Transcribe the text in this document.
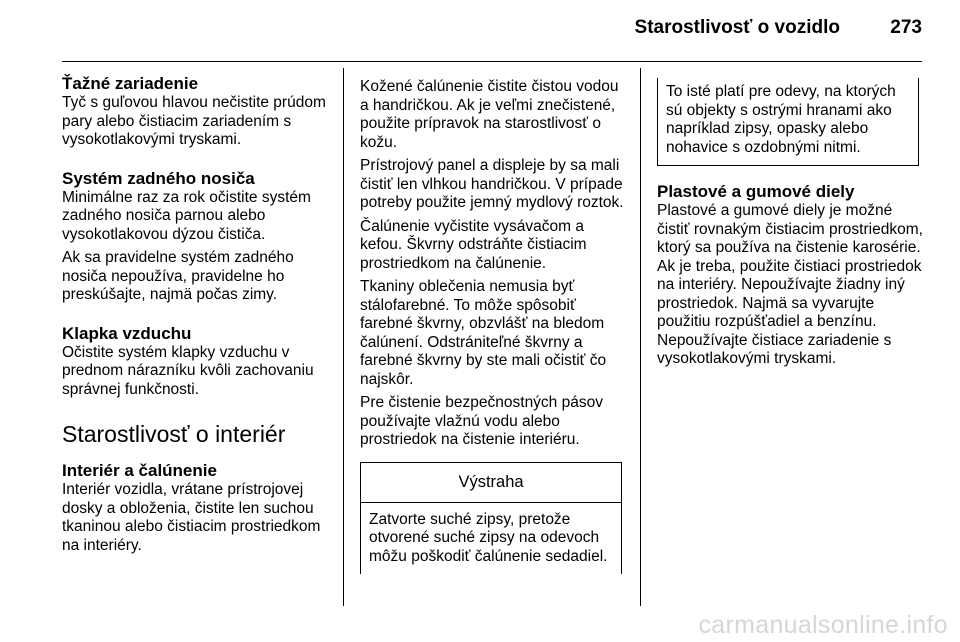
Starostlivosť o vozidlo	273
Ťažné zariadenie

Tyč s guľovou hlavou nečistite prúdom pary alebo čistiacim zariadením s vysokotlakovými tryskami.

Systém zadného nosiča

Minimálne raz za rok očistite systém zadného nosiča parnou alebo vysokotlakovou dýzou čističa.

Ak sa pravidelne systém zadného nosiča nepoužíva, pravidelne ho preskúšajte, najmä počas zimy.

Klapka vzduchu

Očistite systém klapky vzduchu v prednom nárazníku kvôli zachovaniu správnej funkčnosti.

Starostlivosť o interiér
Interiér a čalúnenie

Interiér vozidla, vrátane prístrojovej dosky a obloženia, čistite len suchou tkaninou alebo čistiacim prostriedkom na interiéry.

Kožené čalúnenie čistite čistou vodou a handričkou. Ak je veľmi znečistené, použite prípravok na starostlivosť o kožu.

Prístrojový panel a displeje by sa mali čistiť len vlhkou handričkou. V prípade potreby použite jemný mydlový roztok.

Čalúnenie vyčistite vysávačom a kefou. Škvrny odstráňte čistiacim prostriedkom na čalúnenie.

Tkaniny oblečenia nemusia byť stálofarebné. To môže spôsobiť farebné škvrny, obzvlášť na bledom čalúnení. Odstrániteľné škvrny a farebné škvrny by ste mali očistiť čo najskôr.

Pre čistenie bezpečnostných pásov používajte vlažnú vodu alebo prostriedok na čistenie interiéru.

Výstraha
Zatvorte suché zipsy, pretože otvorené suché zipsy na odevoch môžu poškodiť čalúnenie sedadiel.

To isté platí pre odevy, na ktorých sú objekty s ostrými hranami ako napríklad zipsy, opasky alebo nohavice s ozdobnými nitmi.

Plastové a gumové diely

Plastové a gumové diely je možné čistiť rovnakým čistiacim prostriedkom, ktorý sa používa na čistenie karosérie. Ak je treba, použite čistiaci prostriedok na interiéry. Nepoužívajte žiadny iný prostriedok. Najmä sa vyvarujte použitiu rozpúšťadiel a benzínu. Nepoužívajte čistiace zariadenie s vysokotlakovými tryskami.

carmanualsonline.info
